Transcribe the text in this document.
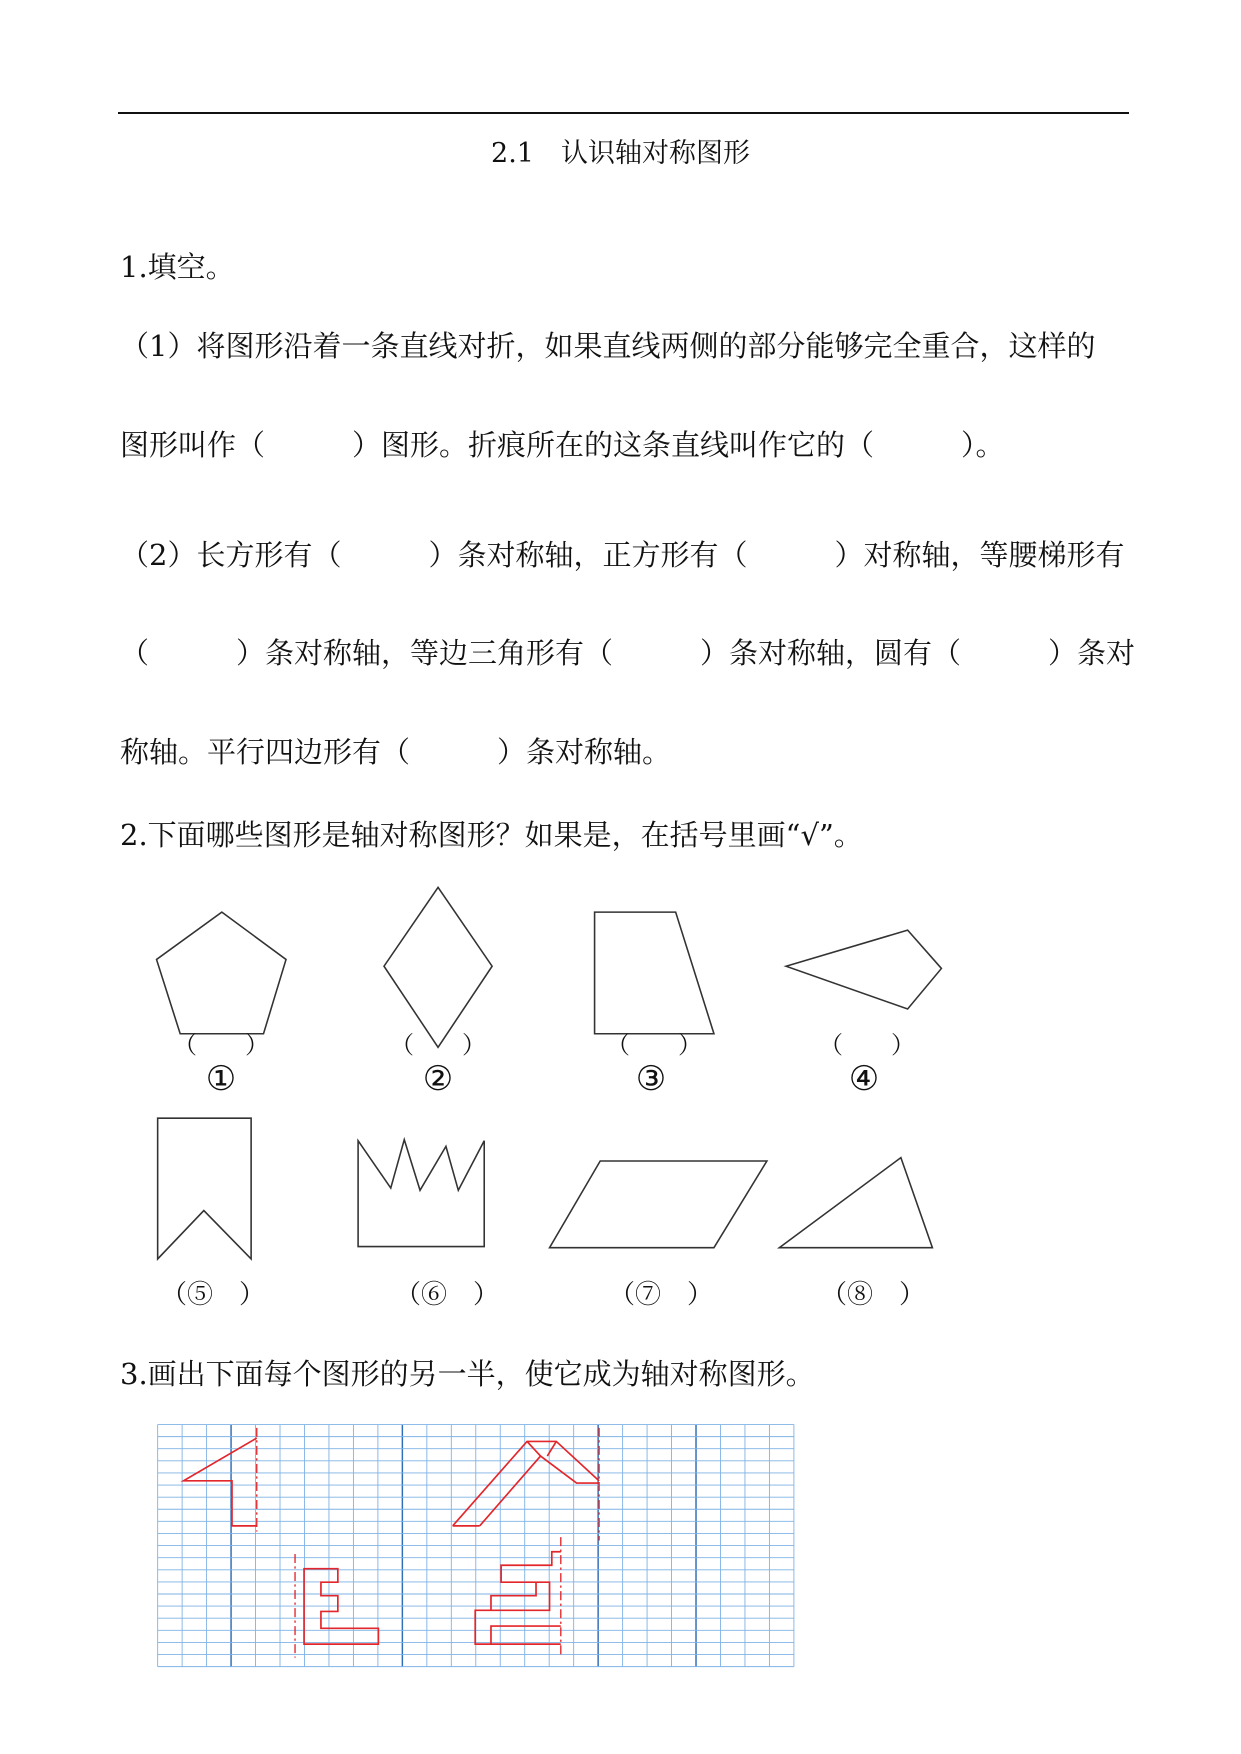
2.1　认识轴对称图形
1.填空。
（1）将图形沿着一条直线对折，如果直线两侧的部分能够完全重合，这样的
图形叫作（　　　）图形。折痕所在的这条直线叫作它的（　　　）。
（2）长方形有（　　　）条对称轴，正方形有（　　　）对称轴，等腰梯形有
（　　　）条对称轴，等边三角形有（　　　）条对称轴，圆有（　　　）条对
称轴。平行四边形有（　　　）条对称轴。
2.下面哪些图形是轴对称图形？如果是，在括号里画“√”。
3.画出下面每个图形的另一半，使它成为轴对称图形。
（　　）	（　　）	（　　）	（　　）
①	②	③	④
（⑤　）	（⑥　）	（⑦　）	（⑧　）
